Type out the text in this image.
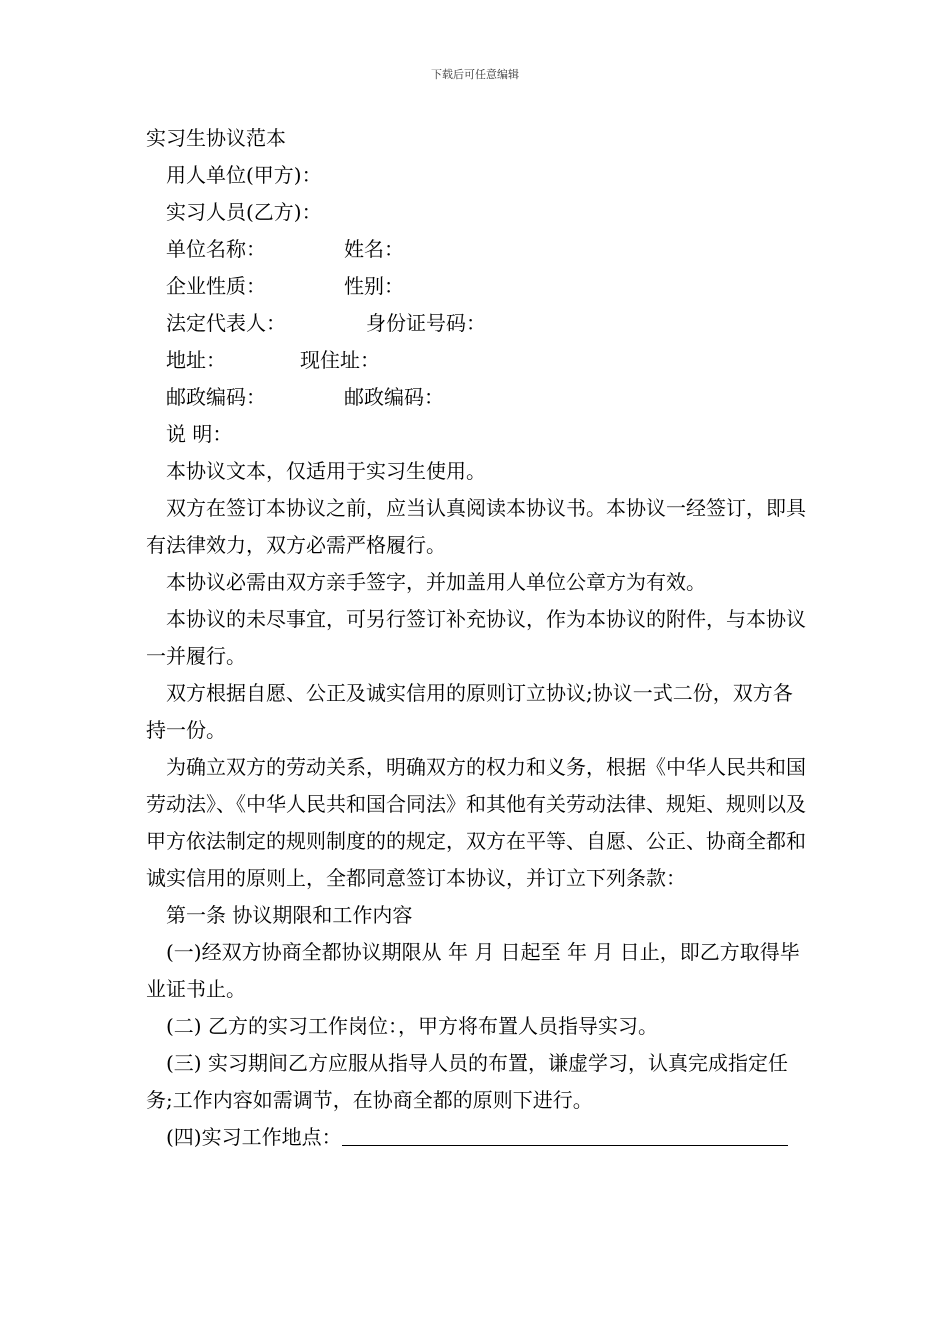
下载后可任意编辑

实习生协议范本

用人单位(甲方)：

实习人员(乙方)：

单位名称：	姓名：

企业性质：	性别：

法定代表人：	身份证号码：

地址：	现住址：

邮政编码：	邮政编码：

说 明：

本协议文本，仅适用于实习生使用。

双方在签订本协议之前，应当认真阅读本协议书。本协议一经签订，即具有法律效力，双方必需严格履行。

本协议必需由双方亲手签字，并加盖用人单位公章方为有效。

本协议的未尽事宜，可另行签订补充协议，作为本协议的附件，与本协议一并履行。

双方根据自愿、公正及诚实信用的原则订立协议;协议一式二份，双方各持一份。

为确立双方的劳动关系，明确双方的权力和义务，根据《中华人民共和国劳动法》、《中华人民共和国合同法》和其他有关劳动法律、规矩、规则以及甲方依法制定的规则制度的的规定，双方在平等、自愿、公正、协商全都和诚实信用的原则上，全都同意签订本协议，并订立下列条款：

第一条 协议期限和工作内容

(一)经双方协商全都协议期限从 年 月 日起至 年 月 日止，即乙方取得毕业证书止。

(二) 乙方的实习工作岗位：，甲方将布置人员指导实习。

(三) 实习期间乙方应服从指导人员的布置，谦虚学习，认真完成指定任务;工作内容如需调节，在协商全都的原则下进行。

(四)实习工作地点：
